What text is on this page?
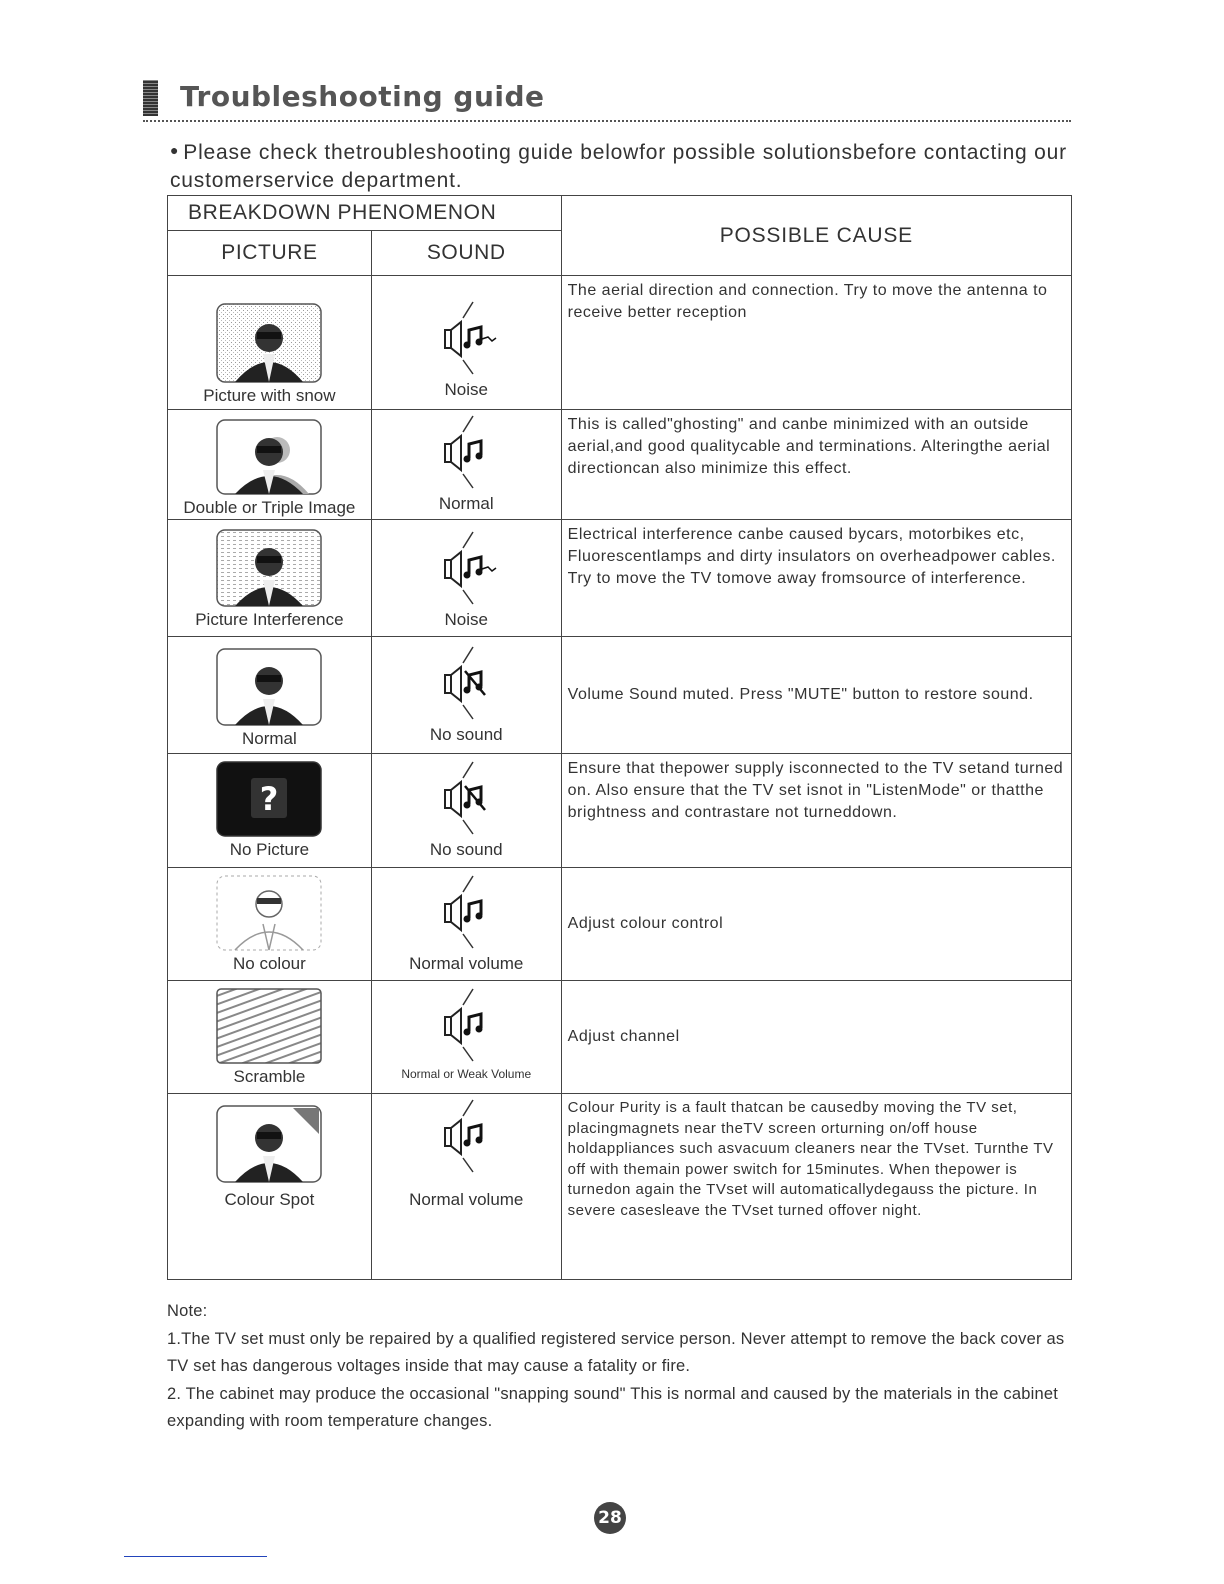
Troubleshooting guide
● Please check thetroubleshooting guide belowfor possible solutionsbefore contacting our customerservice department.
BREAKDOWN PHENOMENON		POSSIBLE CAUSE
PICTURE	SOUND	

Picture with snow	Noise	The aerial direction and connection. Try to move the antenna to receive better reception

Double or Triple Image	Normal	This is called"ghosting" and canbe minimized with an outside aerial,and good qualitycable and terminations. Alteringthe aerial directioncan also minimize this effect.

Picture Interference	Noise	Electrical interference canbe caused bycars, motorbikes etc, Fluorescentlamps and dirty insulators on overheadpower cables. Try to move the TV tomove away fromsource of interference.

Normal	No sound	Volume Sound muted. Press "MUTE" button to restore sound.

?
No Picture	No sound	Ensure that thepower supply isconnected to the TV setand turned on. Also ensure that the TV set isnot in "ListenMode" or thatthe brightness and contrastare not turneddown.

No colour	Normal volume	Adjust colour control

Scramble	Normal or Weak Volume	Adjust channel

Colour Spot	Normal volume	Colour Purity is a fault thatcan be causedby moving the TV set, placingmagnets near theTV screen orturning on/off house holdappliances such asvacuum cleaners near the TVset. Turnthe TV off with themain power switch for 15minutes. When thepower is turnedon again the TVset will automaticallydegauss the picture. In severe casesleave the TVset turned offover night.
Note:
1.The TV set must only be repaired by a qualified registered service person. Never attempt to remove the back cover as TV set has dangerous voltages inside that may cause a fatality or fire.
2. The cabinet may produce the occasional "snapping sound" This is normal and caused by the materials in the cabinet expanding with room temperature changes.
28
